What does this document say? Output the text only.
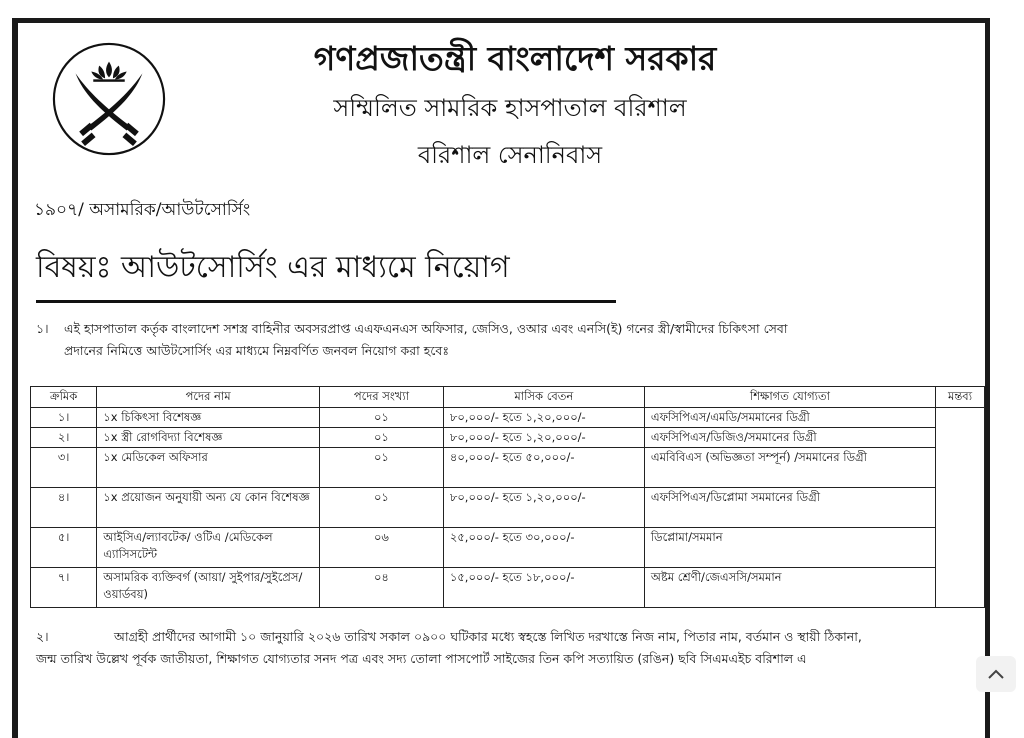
গণপ্রজাতন্ত্রী বাংলাদেশ সরকার
সম্মিলিত সামরিক হাসপাতাল বরিশাল
বরিশাল সেনানিবাস
১৯০৭/ অসামরিক/আউটসোর্সিং
বিষয়ঃ আউটসোর্সিং এর মাধ্যমে নিয়োগ
১। এই হাসপাতাল কর্তৃক বাংলাদেশ সশস্ত্র বাহিনীর অবসরপ্রাপ্ত এএফএনএস অফিসার, জেসিও, ওআর এবং এনসি(ই) গনের স্ত্রী/স্বামীদের চিকিৎসা সেবা
প্রদানের নিমিত্তে আউটসোর্সিং এর মাধ্যমে নিম্নবর্ণিত জনবল নিয়োগ করা হবেঃ
ক্রমিক	পদের নাম	পদের সংখ্যা	মাসিক বেতন	শিক্ষাগত যোগ্যতা	মন্তব্য
১।	১x চিকিৎসা বিশেষজ্ঞ	০১	৮০,০০০/- হতে ১,২০,০০০/-	এফসিপিএস/এমডি/সমমানের ডিগ্রী	
২।	১x স্ত্রী রোগবিদ্যা বিশেষজ্ঞ	০১	৮০,০০০/- হতে ১,২০,০০০/-	এফসিপিএস/ডিজিও/সমমানের ডিগ্রী	
৩।	১x মেডিকেল অফিসার	০১	৪০,০০০/- হতে ৫০,০০০/-	এমবিবিএস (অভিজ্ঞতা সম্পূর্ন) /সমমানের ডিগ্রী	
৪।	১x প্রয়োজন অনুযায়ী অন্য যে কোন বিশেষজ্ঞ	০১	৮০,০০০/- হতে ১,২০,০০০/-	এফসিপিএস/ডিপ্লোমা সমমানের ডিগ্রী	
৫।	আইসিএ/ল্যাবটেক/ ওটিএ /মেডিকেল এ্যাসিসটেন্ট	০৬	২৫,০০০/- হতে ৩০,০০০/-	ডিপ্লোমা/সমমান	
৭।	অসামরিক ব্যক্তিবর্গ (আয়া/ সুইপার/সুইপ্রেস/ওয়ার্ডবয়)	০৪	১৫,০০০/- হতে ১৮,০০০/-	অষ্টম শ্রেণী/জেএসসি/সমমান	
২।	আগ্রহী প্রার্থীদের আগামী ১০ জানুয়ারি ২০২৬ তারিখ সকাল ০৯০০ ঘটিকার মধ্যে স্বহস্তে লিখিত দরখাস্তে নিজ নাম, পিতার নাম, বর্তমান ও স্থায়ী ঠিকানা,
জন্ম তারিখ উল্লেখ পূর্বক জাতীয়তা, শিক্ষাগত যোগ্যতার সনদ পত্র এবং সদ্য তোলা পাসপোর্ট সাইজের তিন কপি সত্যায়িত (রঙিন) ছবি সিএমএইচ বরিশাল এ
